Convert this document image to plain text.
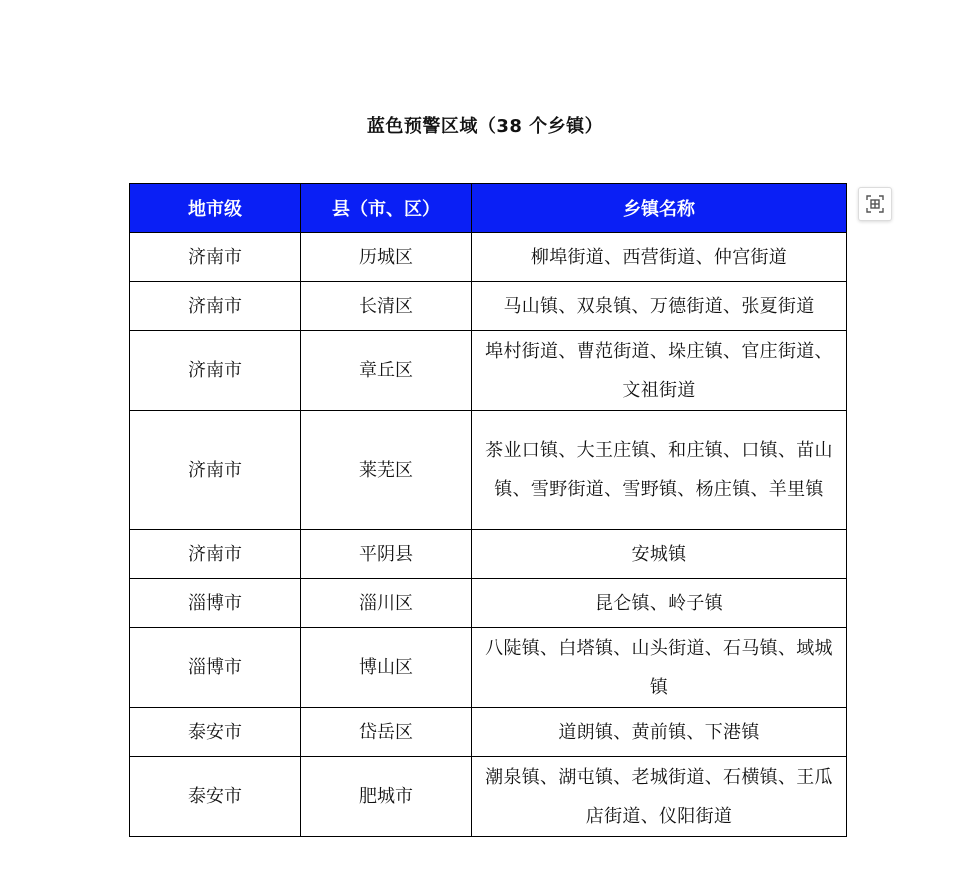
蓝色预警区域（38 个乡镇）
地市级	县（市、区）	乡镇名称
济南市	历城区	柳埠街道、西营街道、仲宫街道
济南市	长清区	马山镇、双泉镇、万德街道、张夏街道
济南市	章丘区	埠村街道、曹范街道、垛庄镇、官庄街道、文祖街道
济南市	莱芜区	茶业口镇、大王庄镇、和庄镇、口镇、苗山镇、雪野街道、雪野镇、杨庄镇、羊里镇
济南市	平阴县	安城镇
淄博市	淄川区	昆仑镇、岭子镇
淄博市	博山区	八陡镇、白塔镇、山头街道、石马镇、域城镇
泰安市	岱岳区	道朗镇、黄前镇、下港镇
泰安市	肥城市	潮泉镇、湖屯镇、老城街道、石横镇、王瓜店街道、仪阳街道
